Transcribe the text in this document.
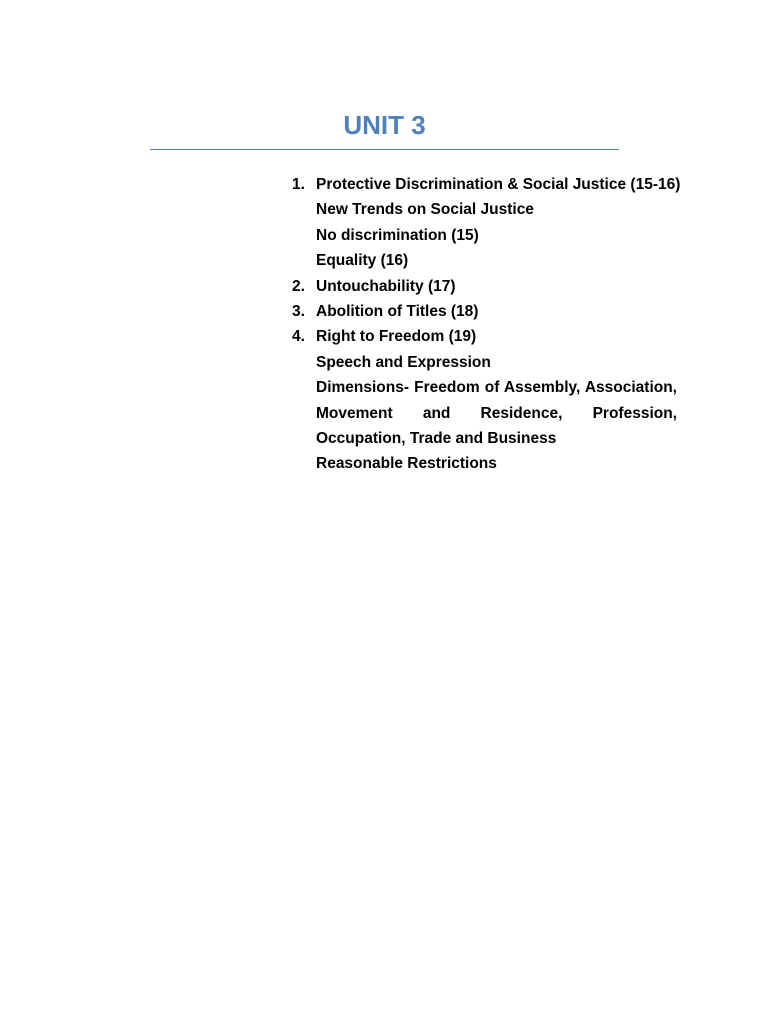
UNIT 3
1. Protective Discrimination & Social Justice (15-16)
New Trends on Social Justice
No discrimination (15)
Equality (16)
2. Untouchability (17)
3. Abolition of Titles (18)
4. Right to Freedom (19)
Speech and Expression
Dimensions- Freedom of Assembly, Association, Movement and Residence, Profession, Occupation, Trade and Business
Reasonable Restrictions
